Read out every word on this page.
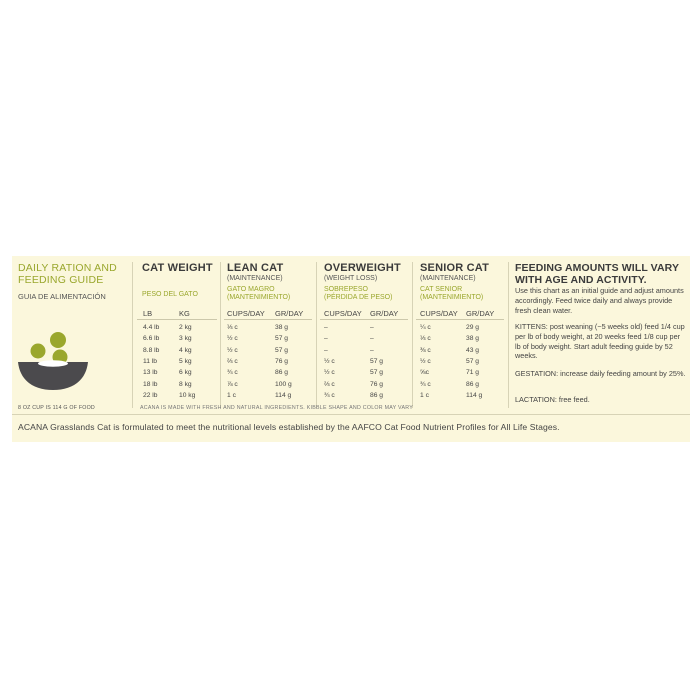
DAILY RATION AND FEEDING GUIDE
GUIA DE ALIMENTACIÓN
8 OZ CUP IS 114 G OF FOOD
CAT WEIGHT
PESO DEL GATO
LEAN CAT
(MAINTENANCE)
GATO MAGRO
(MANTENIMIENTO)
OVERWEIGHT
(WEIGHT LOSS)
SOBREPESO
(PÉRDIDA DE PESO)
SENIOR CAT
(MAINTENANCE)
CAT SENIOR
(MANTENIMIENTO)
LB	KG	CUPS/DAY GR/DAY	CUPS/DAY GR/DAY	CUPS/DAY GR/DAY
4.4 lb	2 kg	⅓ c	38 g	–	–	¼ c	29 g
6.6 lb	3 kg	½ c	57 g	–	–	⅓ c	38 g
8.8 lb	4 kg	½ c	57 g	–	–	⅜ c	43 g
11 lb	5 kg	⅔ c	76 g	½ c	57 g	½ c	57 g
13 lb	6 kg	¾ c	86 g	½ c	57 g	⅝c	71 g
18 lb	8 kg	⅞ c	100 g	⅔ c	76 g	¾ c	86 g
22 lb	10 kg	1 c	114 g	¾ c	86 g	1 c	114 g
ACANA IS MADE WITH FRESH AND NATURAL INGREDIENTS. KIBBLE SHAPE AND COLOR MAY VARY
FEEDING AMOUNTS WILL VARY WITH AGE AND ACTIVITY.
Use this chart as an initial guide and adjust amounts accordingly. Feed twice daily and always provide fresh clean water.
KITTENS: post weaning (~5 weeks old) feed 1/4 cup per lb of body weight, at 20 weeks feed 1/8 cup per lb of body weight. Start adult feeding guide by 52 weeks.
GESTATION: increase daily feeding amount by 25%.
LACTATION: free feed.
ACANA Grasslands Cat is formulated to meet the nutritional levels established by the AAFCO Cat Food Nutrient Profiles for All Life Stages.
